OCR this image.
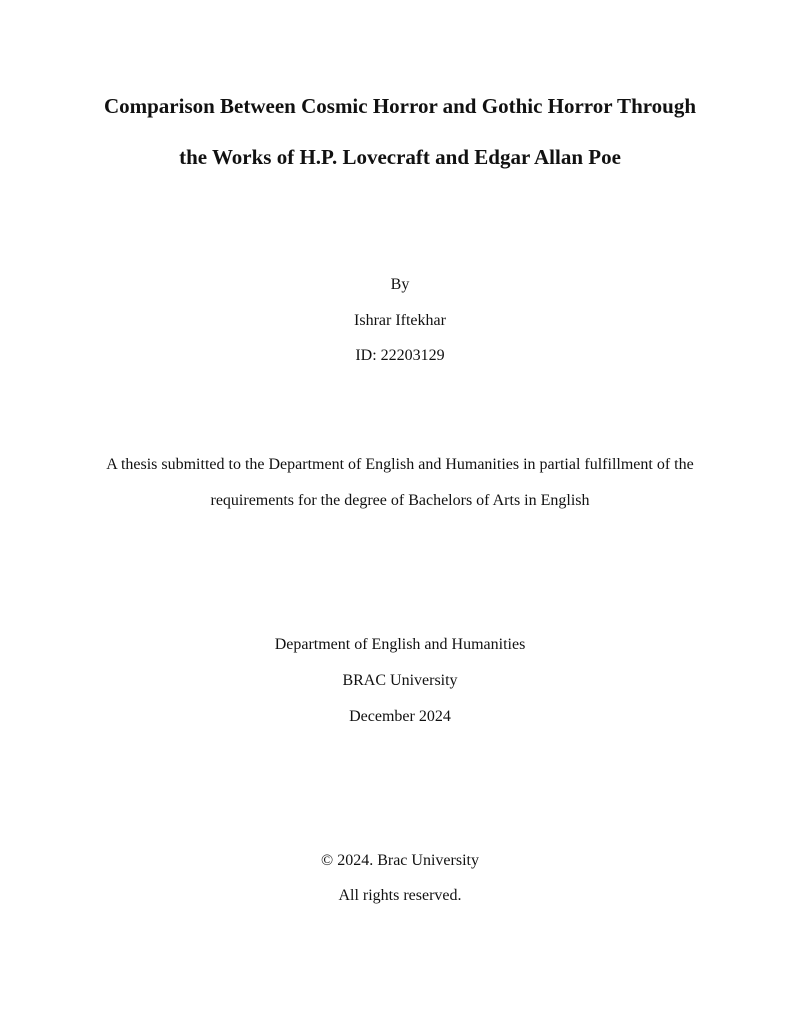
Comparison Between Cosmic Horror and Gothic Horror Through
the Works of H.P. Lovecraft and Edgar Allan Poe
By
Ishrar Iftekhar
ID: 22203129
A thesis submitted to the Department of English and Humanities in partial fulfillment of the
requirements for the degree of Bachelors of Arts in English
Department of English and Humanities
BRAC University
December 2024
© 2024. Brac University
All rights reserved.
